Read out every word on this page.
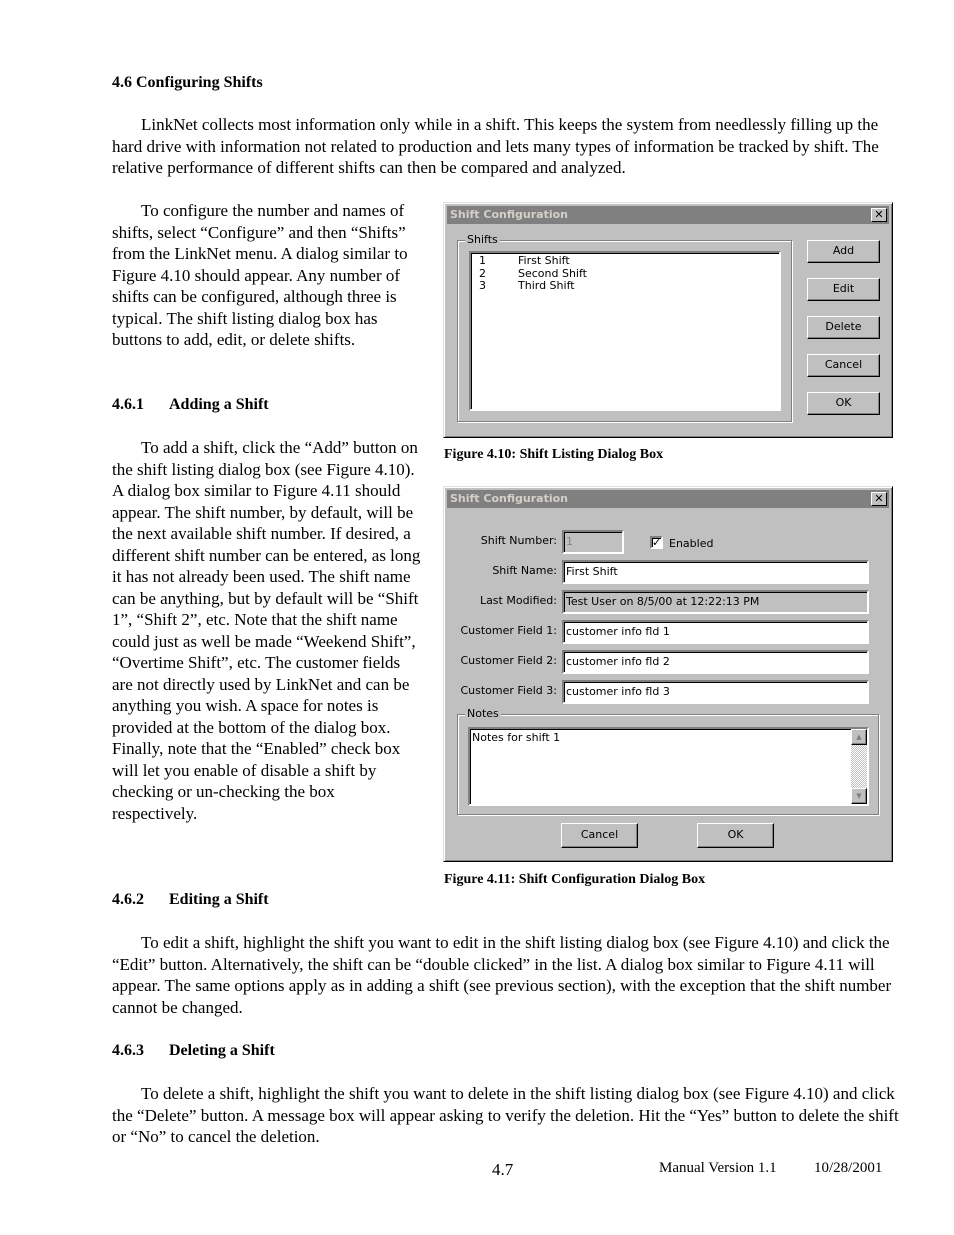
4.6 Configuring Shifts

LinkNet collects most information only while in a shift. This keeps the system from needlessly filling up the hard drive with information not related to production and lets many types of information be tracked by shift. The relative performance of different shifts can then be compared and analyzed.

To configure the number and names of shifts, select “Configure” and then “Shifts” from the LinkNet menu. A dialog similar to Figure 4.10 should appear. Any number of shifts can be configured, although three is typical. The shift listing dialog box has buttons to add, edit, or delete shifts.

4.6.1 Adding a Shift

To add a shift, click the “Add” button on the shift listing dialog box (see Figure 4.10). A dialog box similar to Figure 4.11 should appear. The shift number, by default, will be the next available shift number. If desired, a different shift number can be entered, as long it has not already been used. The shift name can be anything, but by default will be “Shift 1”, “Shift 2”, etc. Note that the shift name could just as well be made “Weekend Shift”, “Overtime Shift”, etc. The customer fields are not directly used by LinkNet and can be anything you wish. A space for notes is provided at the bottom of the dialog box. Finally, note that the “Enabled” check box will let you enable of disable a shift by checking or un-checking the box respectively.

4.6.2 Editing a Shift

To edit a shift, highlight the shift you want to edit in the shift listing dialog box (see Figure 4.10) and click the “Edit” button. Alternatively, the shift can be “double clicked” in the list. A dialog box similar to Figure 4.11 will appear. The same options apply as in adding a shift (see previous section), with the exception that the shift number cannot be changed.

4.6.3 Deleting a Shift

To delete a shift, highlight the shift you want to delete in the shift listing dialog box (see Figure 4.10) and click the “Delete” button. A message box will appear asking to verify the deletion. Hit the “Yes” button to delete the shift or “No” to cancel the deletion.

Shift Configuration	✕
Shifts
1	First Shift
2	Second Shift
3	Third Shift
Add
Edit
Delete
Cancel
OK
Figure 4.10: Shift Listing Dialog Box
Shift Configuration	✕
Shift Number: 1	✓ Enabled
Shift Name: First Shift
Last Modified: Test User on 8/5/00 at 12:22:13 PM
Customer Field 1: customer info fld 1
Customer Field 2: customer info fld 2
Customer Field 3: customer info fld 3
Notes
Notes for shift 1	▲
▼
Cancel	OK
Figure 4.11: Shift Configuration Dialog Box
4.7	Manual Version 1.1 10/28/2001
